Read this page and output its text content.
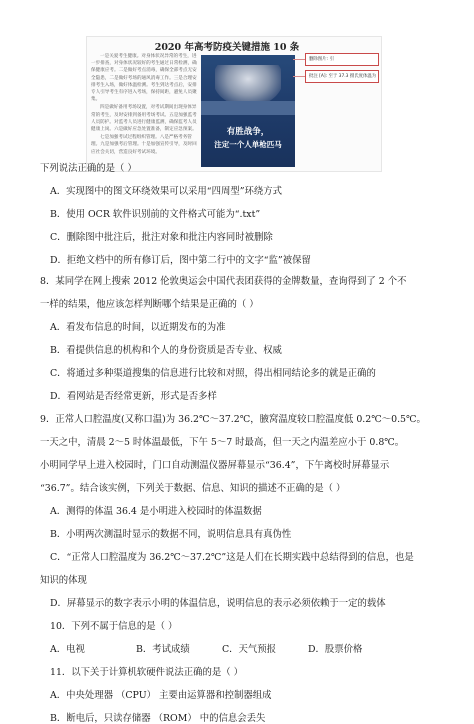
2020 年高考防疫关键措施 10 条

一是关爱考生健康。对身体状况异常的考生，进一步排查，对身体状况较好的考生通过日常检测，确保健康应考。二是做好考点消毒，确保全部考点无安全隐患，二是做好考场的通风消毒工作。三是合理安排考生入场，做好体温检测。考生到达考点后，安排专人引导考生有序进入考场，保持间距，避免人员聚集。

四是做好备用考场设置，对考试期间出现身体异常的考生，及时安排到备用考场考试。五是加强监考人员防护。对监考人员进行健康监测，确保监考人员健康上岗。六是做好应急处置准备，制定应急预案。

七是加强考试过程组织管理。八是严格考务管理。九是加强考后管理。十是加强宣传引导，及时回应社会关切，营造良好考试环境。

有胜战争，
注定一个人单枪匹马
删除图片: 引
批注 [A]: 至于 37.3 摄氏度体温为
下列说法正确的是（ ）
A．实现图中的图文环绕效果可以采用“四周型”环绕方式
B．使用 OCR 软件识别前的文件格式可能为“.txt”
C．删除图中批注后，批注对象和批注内容同时被删除
D．拒绝文档中的所有修订后，图中第二行中的文字“监”被保留
8．某同学在网上搜索 2012 伦敦奥运会中国代表团获得的金牌数量，查询得到了 2 个不
一样的结果，他应该怎样判断哪个结果是正确的（ ）
A．看发布信息的时间，以近期发布的为准
B．看提供信息的机构和个人的身份资质是否专业、权威
C．将通过多种渠道搜集的信息进行比较和对照，得出相同结论多的就是正确的
D．看网站是否经常更新，形式是否多样
9．正常人口腔温度(又称口温)为 36.2℃～37.2℃，腋窝温度较口腔温度低 0.2℃～0.5℃。
一天之中，清晨 2～5 时体温最低，下午 5～7 时最高，但一天之内温差应小于 0.8℃。
小明同学早上进入校园时，门口自动测温仪器屏幕显示“36.4”，下午离校时屏幕显示
“36.7”。结合该实例，下列关于数据、信息、知识的描述不正确的是（ ）
A．测得的体温 36.4 是小明进入校园时的体温数据
B．小明两次测温时显示的数据不同，说明信息具有真伪性
C．“正常人口腔温度为 36.2℃～37.2℃”这是人们在长期实践中总结得到的信息，也是
知识的体现
D．屏幕显示的数字表示小明的体温信息，说明信息的表示必须依赖于一定的载体
10．下列不属于信息的是（ ）
A．电视	B．考试成绩	C．天气预报	D．股票价格
11．以下关于计算机软硬件说法正确的是（ ）
A．中央处理器 （CPU） 主要由运算器和控制器组成
B．断电后，只读存储器 （ROM） 中的信息会丢失
